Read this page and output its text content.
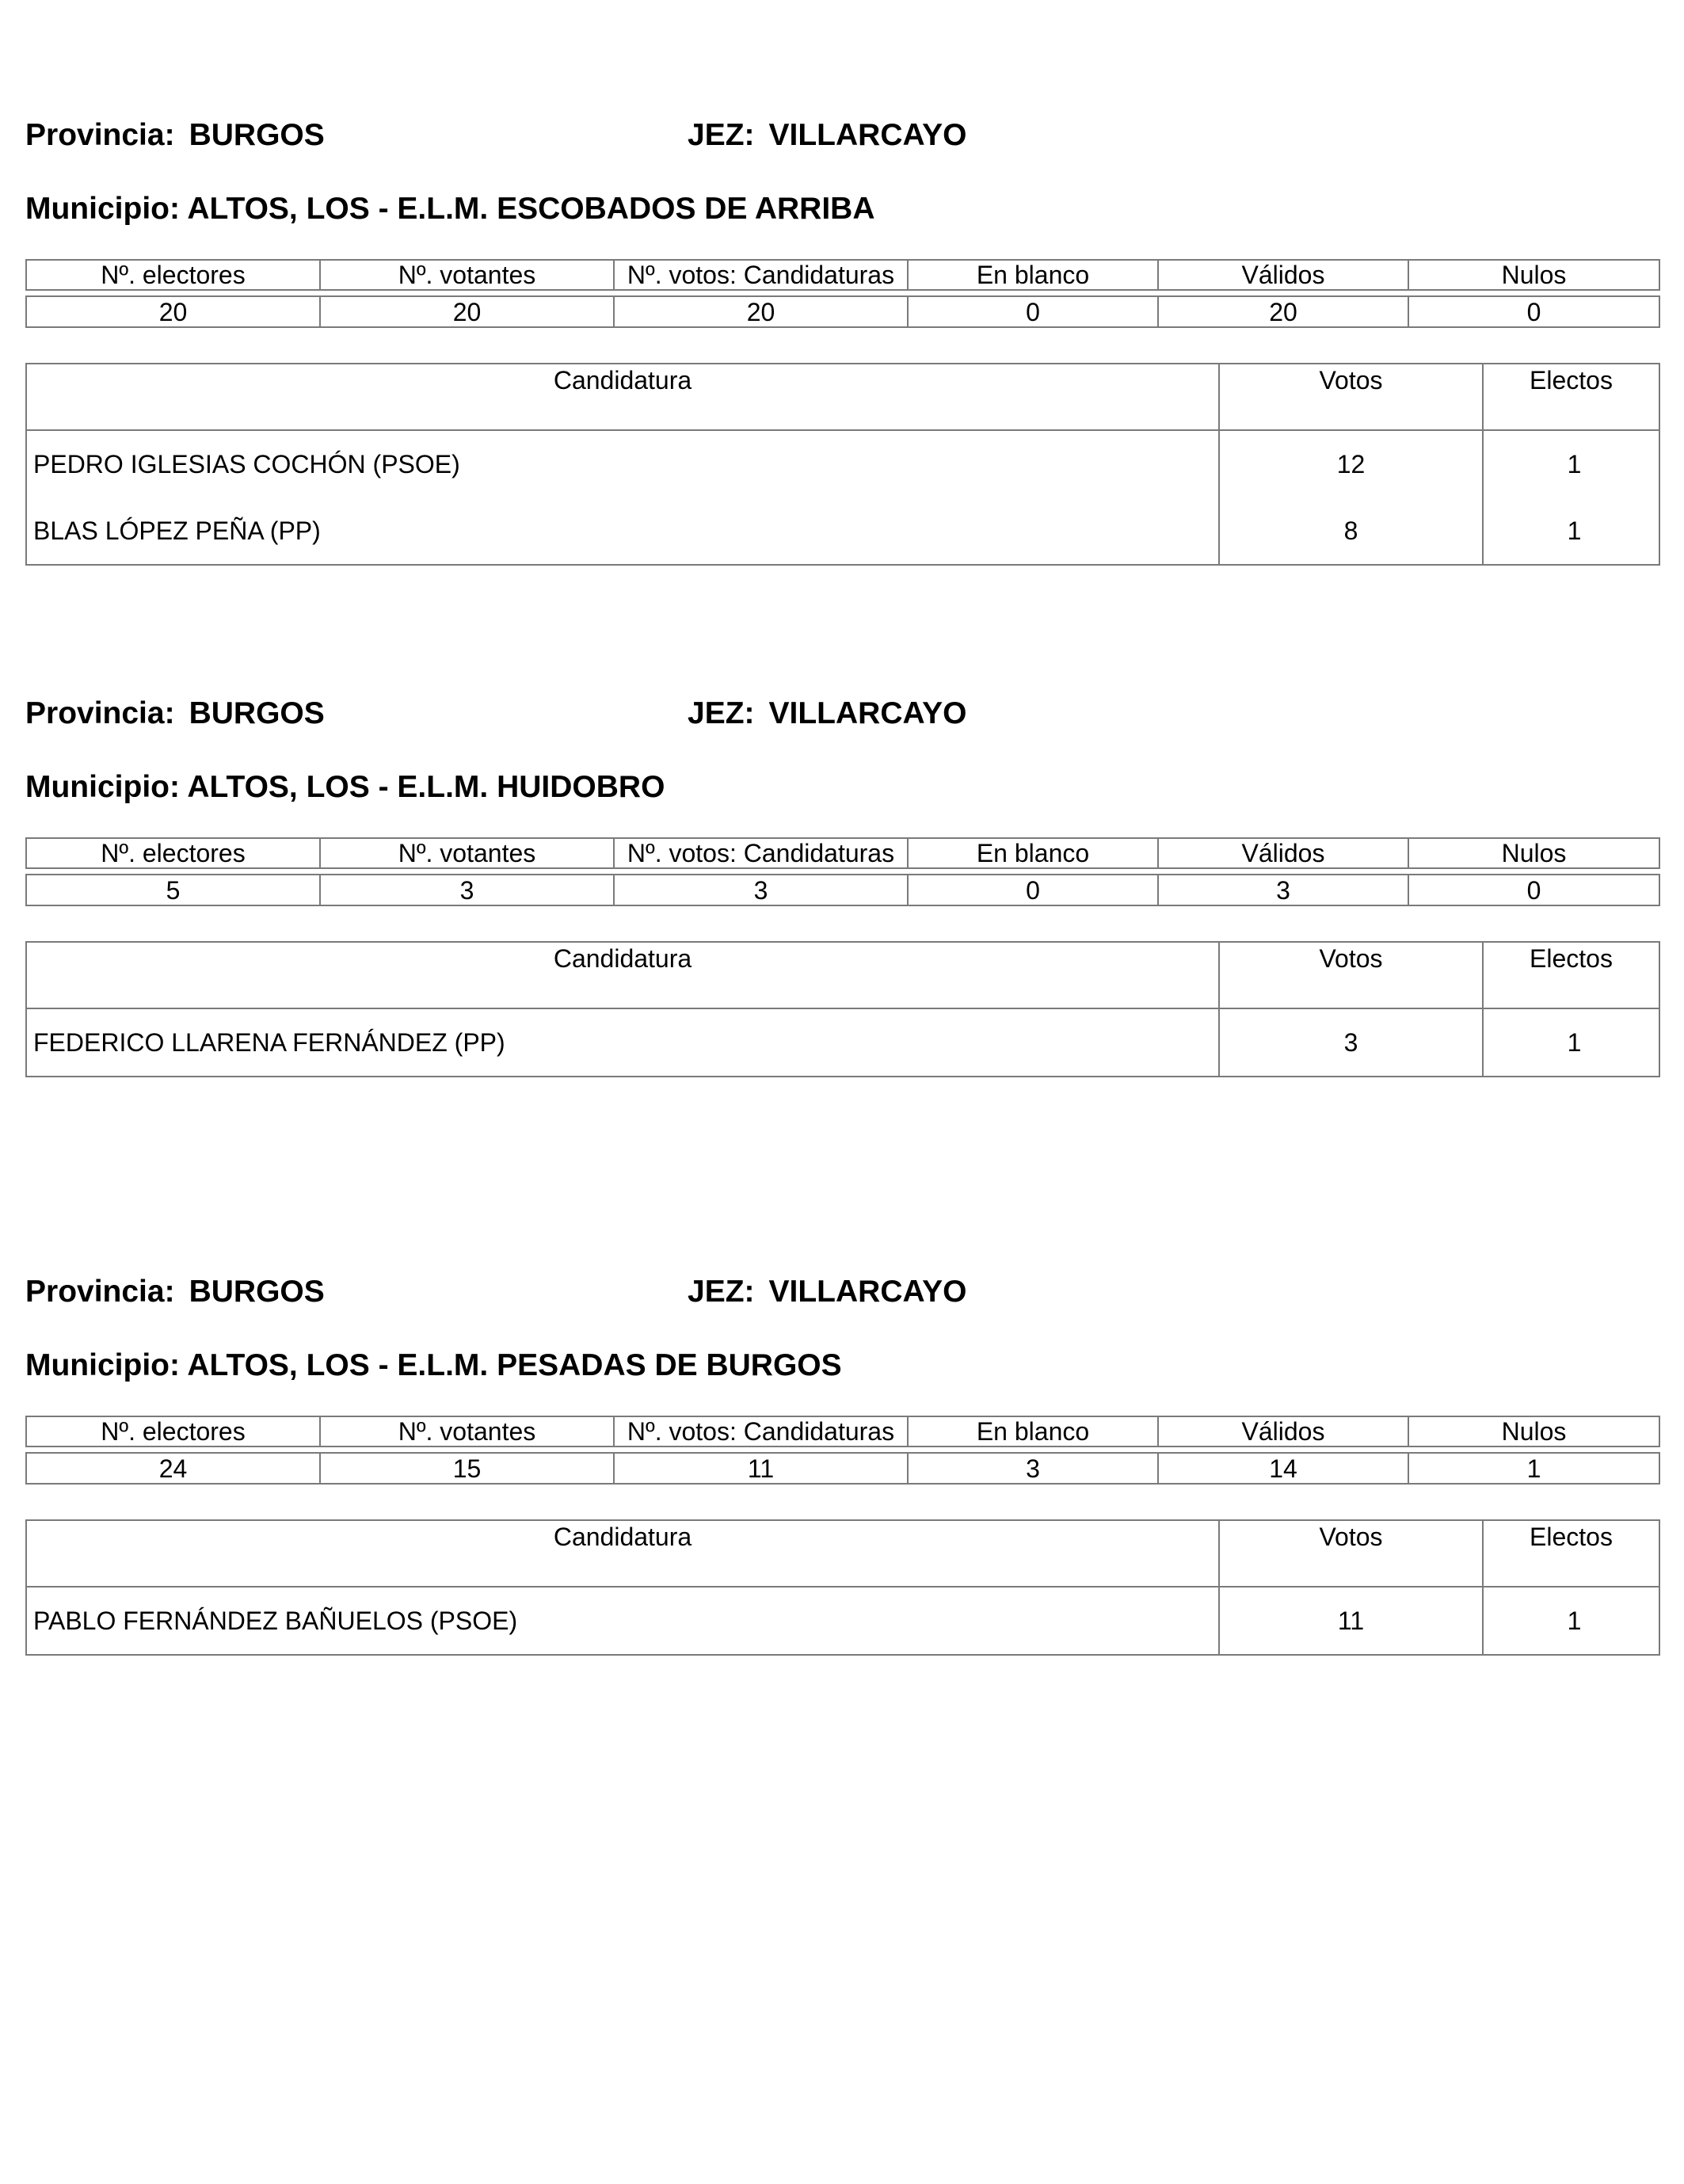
Provincia: BURGOS	JEZ: VILLARCAYO
Municipio: ALTOS, LOS - E.L.M. ESCOBADOS DE ARRIBA
Nº. electores	Nº. votantes	Nº. votos: Candidaturas	En blanco	Válidos	Nulos

20	20	20	0	20	0
Candidatura	Votos	Electos
PEDRO IGLESIAS COCHÓN (PSOE)	12	1
BLAS LÓPEZ PEÑA (PP)	8	1
Provincia: BURGOS	JEZ: VILLARCAYO
Municipio: ALTOS, LOS - E.L.M. HUIDOBRO
Nº. electores	Nº. votantes	Nº. votos: Candidaturas	En blanco	Válidos	Nulos

5	3	3	0	3	0
Candidatura	Votos	Electos
FEDERICO LLARENA FERNÁNDEZ (PP)	3	1
Provincia: BURGOS	JEZ: VILLARCAYO
Municipio: ALTOS, LOS - E.L.M. PESADAS DE BURGOS
Nº. electores	Nº. votantes	Nº. votos: Candidaturas	En blanco	Válidos	Nulos

24	15	11	3	14	1
Candidatura	Votos	Electos
PABLO FERNÁNDEZ BAÑUELOS (PSOE)	11	1
